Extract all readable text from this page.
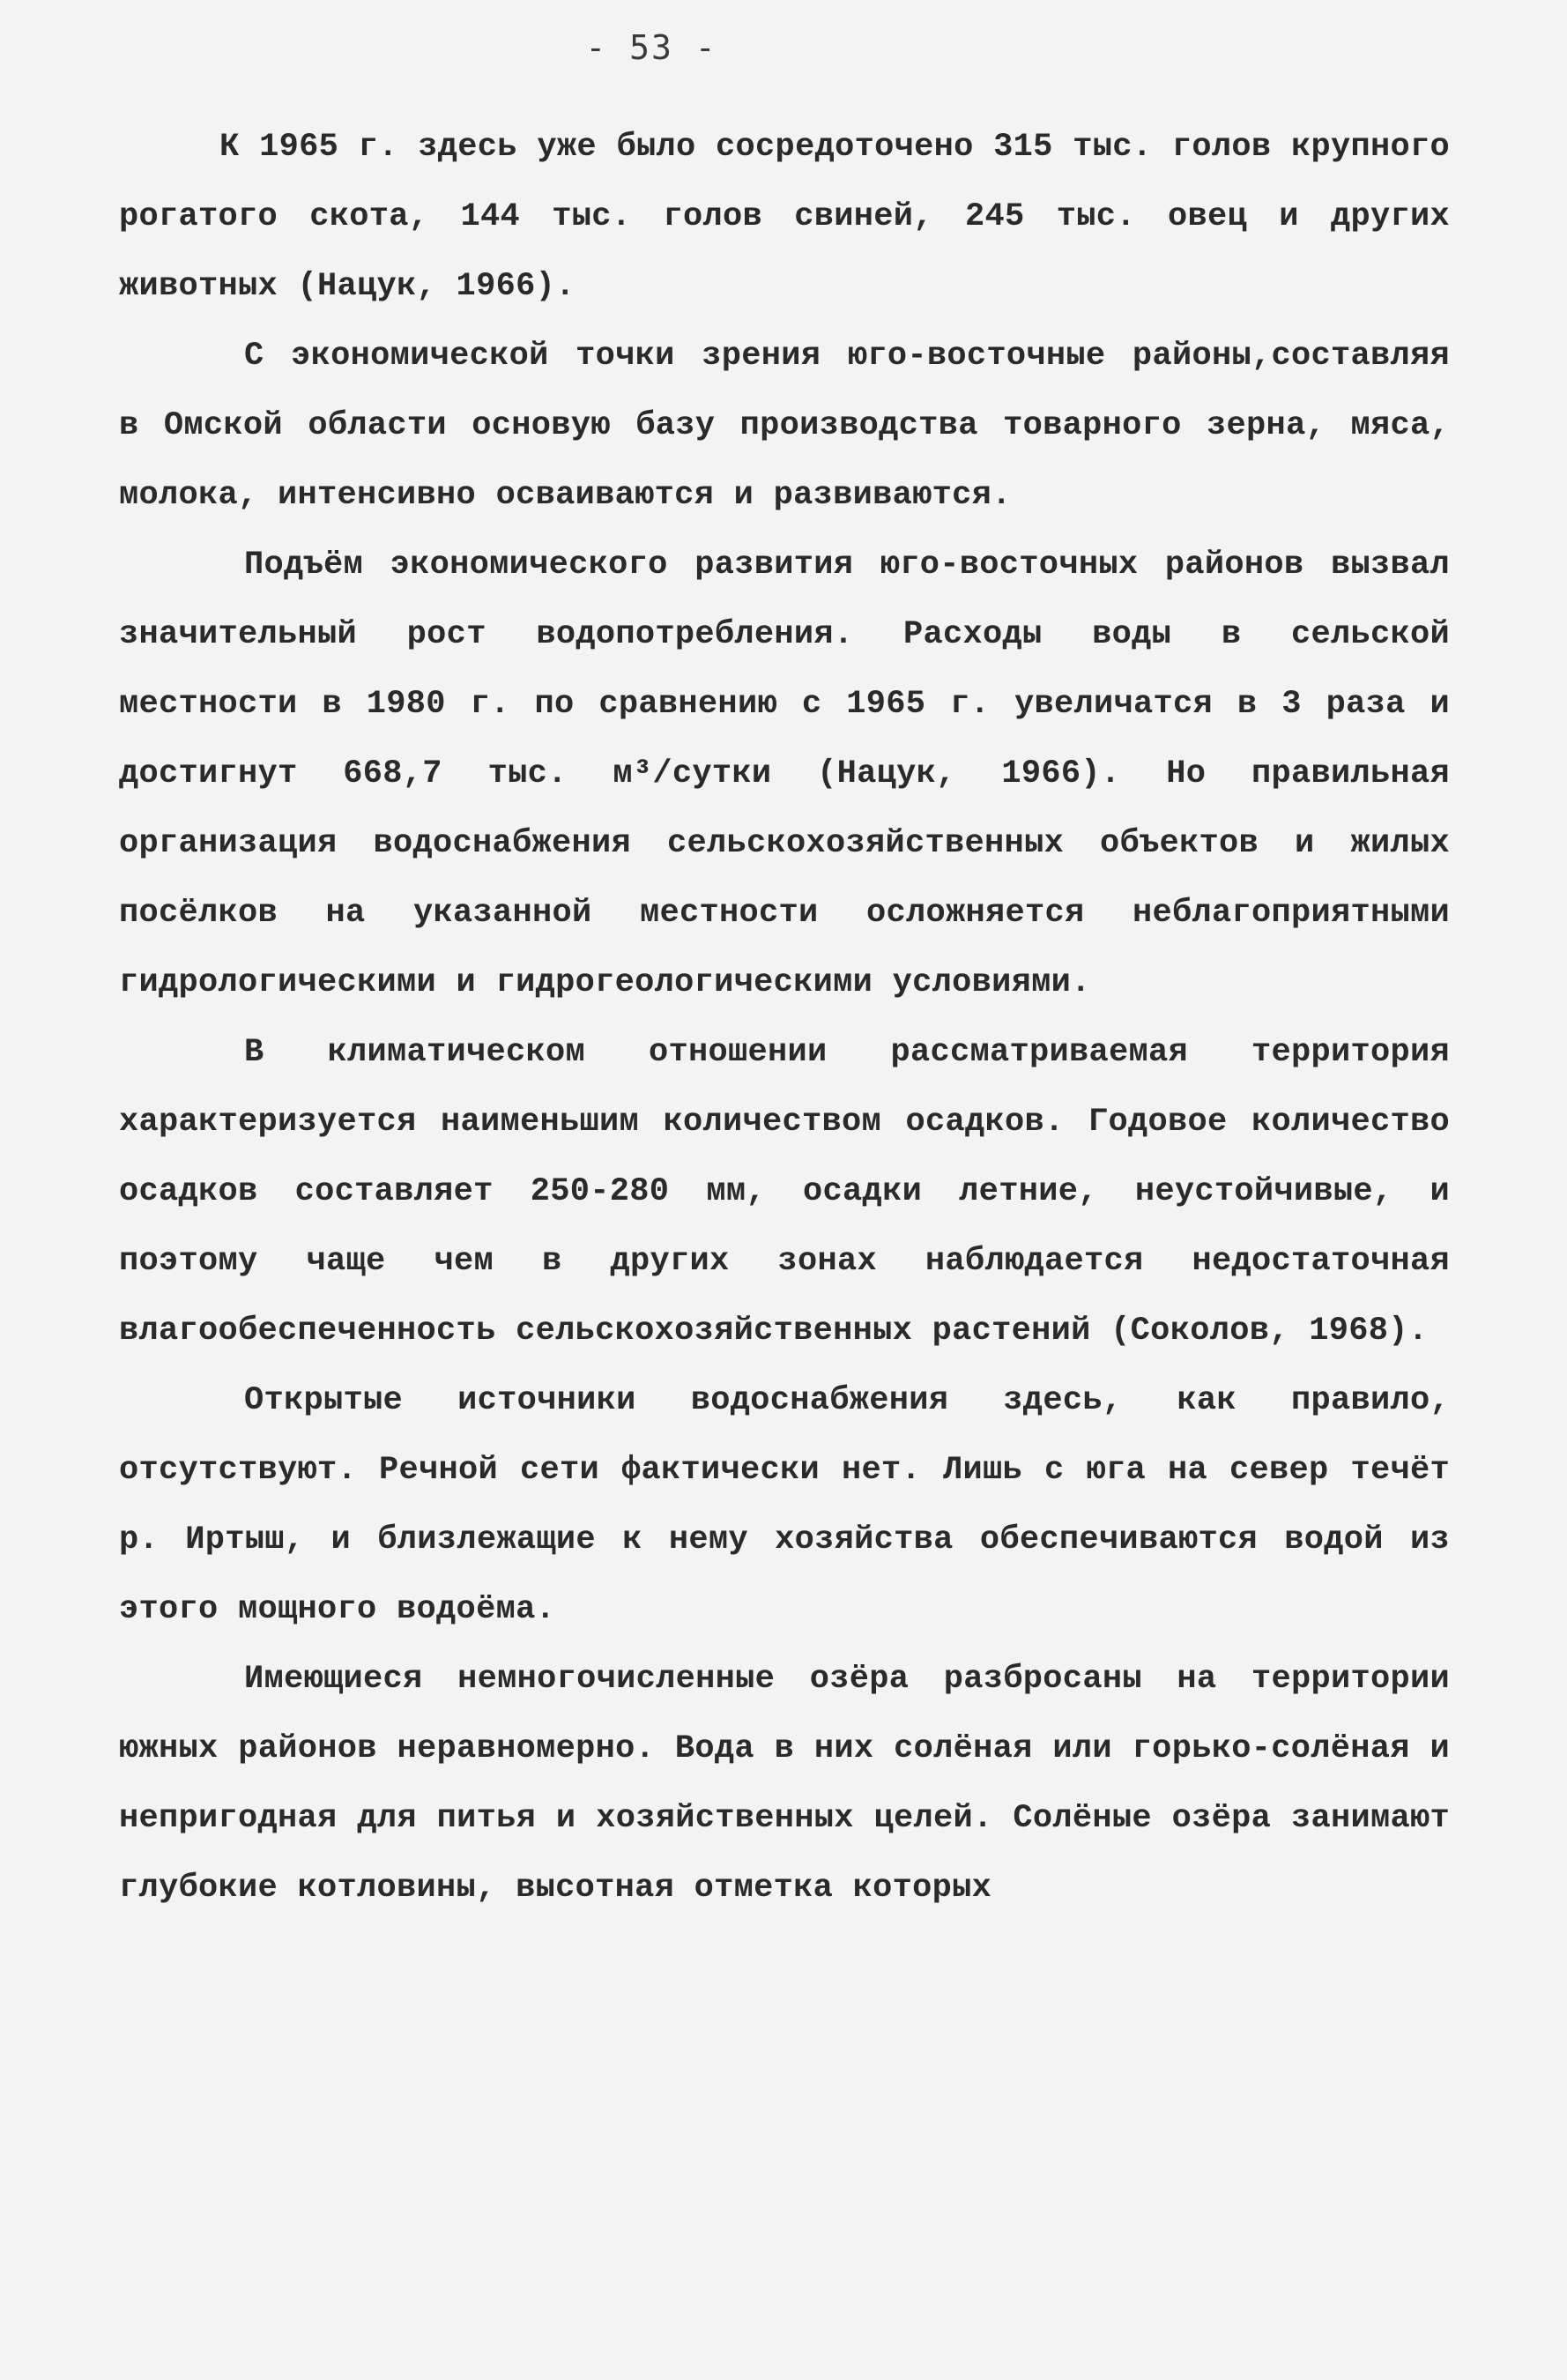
- 53 -

К 1965 г. здесь уже было сосредоточено 315 тыс. голов крупного рогатого скота, 144 тыс. голов свиней, 245 тыс. овец и других животных (Нацук, 1966).

С экономической точки зрения юго-восточные районы,составляя в Омской области основую базу производства товарного зерна, мяса, молока, интенсивно осваиваются и развиваются.

Подъём экономического развития юго-восточных районов вызвал значительный рост водопотребления. Расходы воды в сельской местности в 1980 г. по сравнению с 1965 г. увеличатся в 3 раза и достигнут 668,7 тыс. м³/сутки (Нацук, 1966). Но правильная организация водоснабжения сельскохозяйственных объектов и жилых посёлков на указанной местности осложняется неблагоприятными гидрологическими и гидрогеологическими условиями.

В климатическом отношении рассматриваемая территория характеризуется наименьшим количеством осадков. Годовое количество осадков составляет 250-280 мм, осадки летние, неустойчивые, и поэтому чаще чем в других зонах наблюдается недостаточная влагообеспеченность сельскохозяйственных растений (Соколов, 1968).

Открытые источники водоснабжения здесь, как правило, отсутствуют. Речной сети фактически нет. Лишь с юга на север течёт р. Иртыш, и близлежащие к нему хозяйства обеспечиваются водой из этого мощного водоёма.

Имеющиеся немногочисленные озёра разбросаны на территории южных районов неравномерно. Вода в них солёная или горько-солёная и непригодная для питья и хозяйственных целей. Солёные озёра занимают глубокие котловины, высотная отметка которых
